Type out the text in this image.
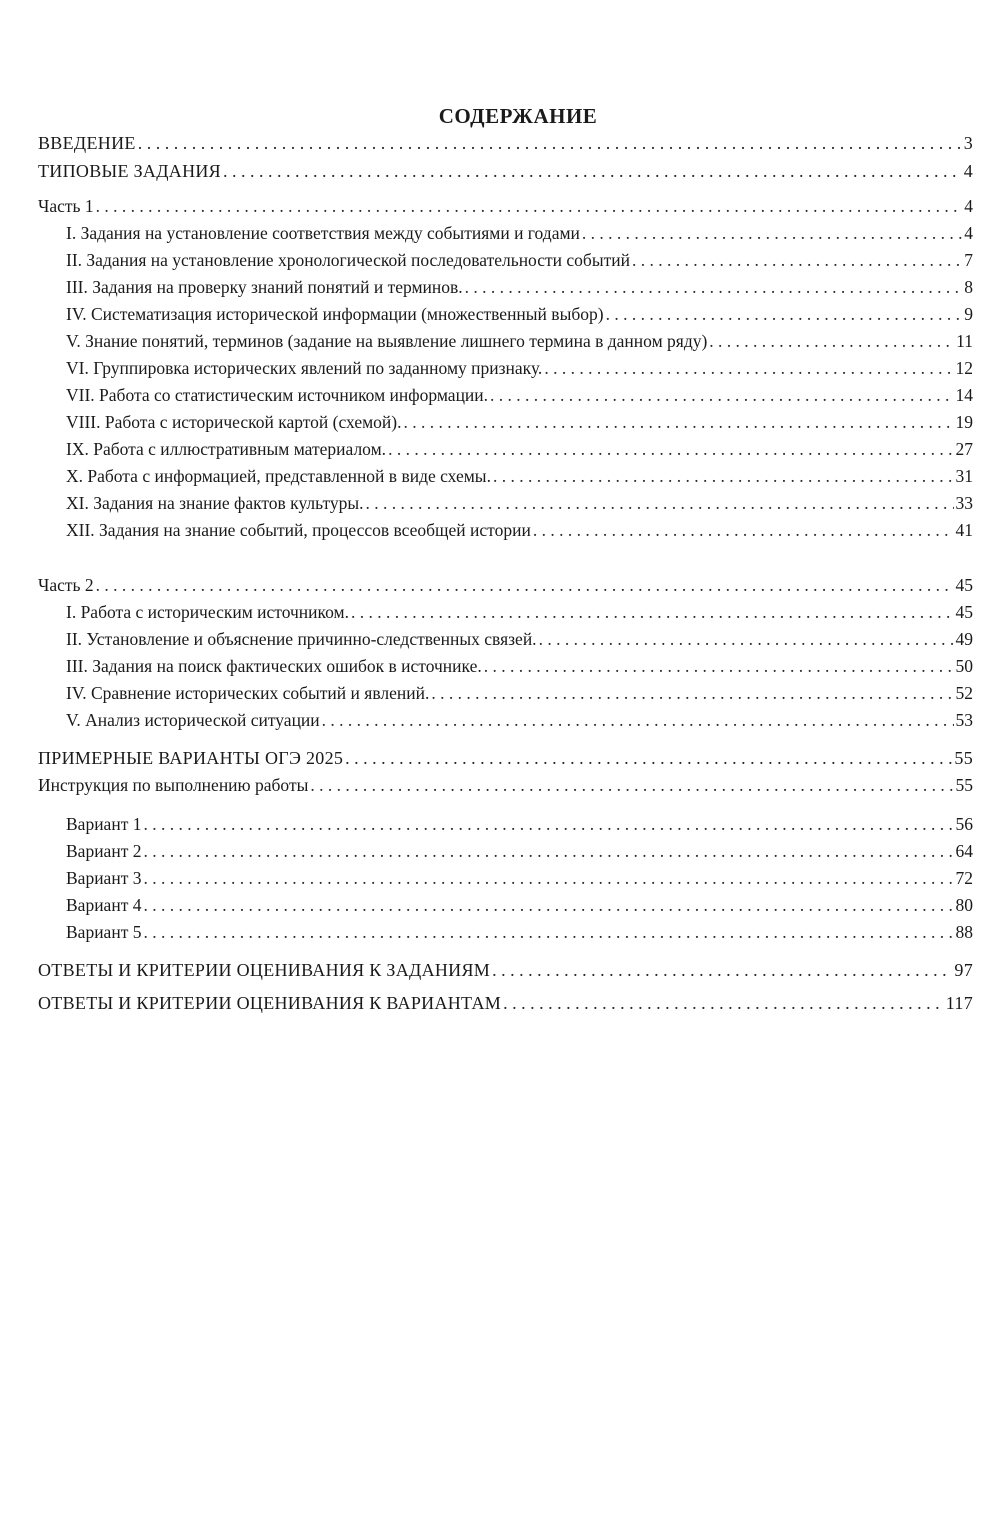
СОДЕРЖАНИЕ
ВВЕДЕНИЕ . . .	3
ТИПОВЫЕ ЗАДАНИЯ . . .	4
Часть 1 . . .	4
I. Задания на установление соответствия между событиями и годами . . .	4
II. Задания на установление хронологической последовательности событий . . .	7
III. Задания на проверку знаний понятий и терминов. . . .	8
IV. Систематизация исторической информации (множественный выбор) . . .	9
V. Знание понятий, терминов (задание на выявление лишнего термина в данном ряду) . . .	11
VI. Группировка исторических явлений по заданному признаку. . . .	12
VII. Работа со статистическим источником информации. . . .	14
VIII. Работа с исторической картой (схемой). . . .	19
IX. Работа с иллюстративным материалом. . . .	27
X. Работа с информацией, представленной в виде схемы. . . .	31
XI. Задания на знание фактов культуры. . . .	33
XII. Задания на знание событий, процессов всеобщей истории . . .	41
Часть 2 . . .	45
I. Работа с историческим источником. . . .	45
II. Установление и объяснение причинно-следственных связей. . . .	49
III. Задания на поиск фактических ошибок в источнике. . . .	50
IV. Сравнение исторических событий и явлений. . . .	52
V. Анализ исторической ситуации . . .	53
ПРИМЕРНЫЕ ВАРИАНТЫ ОГЭ 2025 . . .	55
Инструкция по выполнению работы . . .	55
Вариант 1 . . .	56
Вариант 2 . . .	64
Вариант 3 . . .	72
Вариант 4 . . .	80
Вариант 5 . . .	88
ОТВЕТЫ И КРИТЕРИИ ОЦЕНИВАНИЯ К ЗАДАНИЯМ . . .	97
ОТВЕТЫ И КРИТЕРИИ ОЦЕНИВАНИЯ К ВАРИАНТАМ . . .	117
